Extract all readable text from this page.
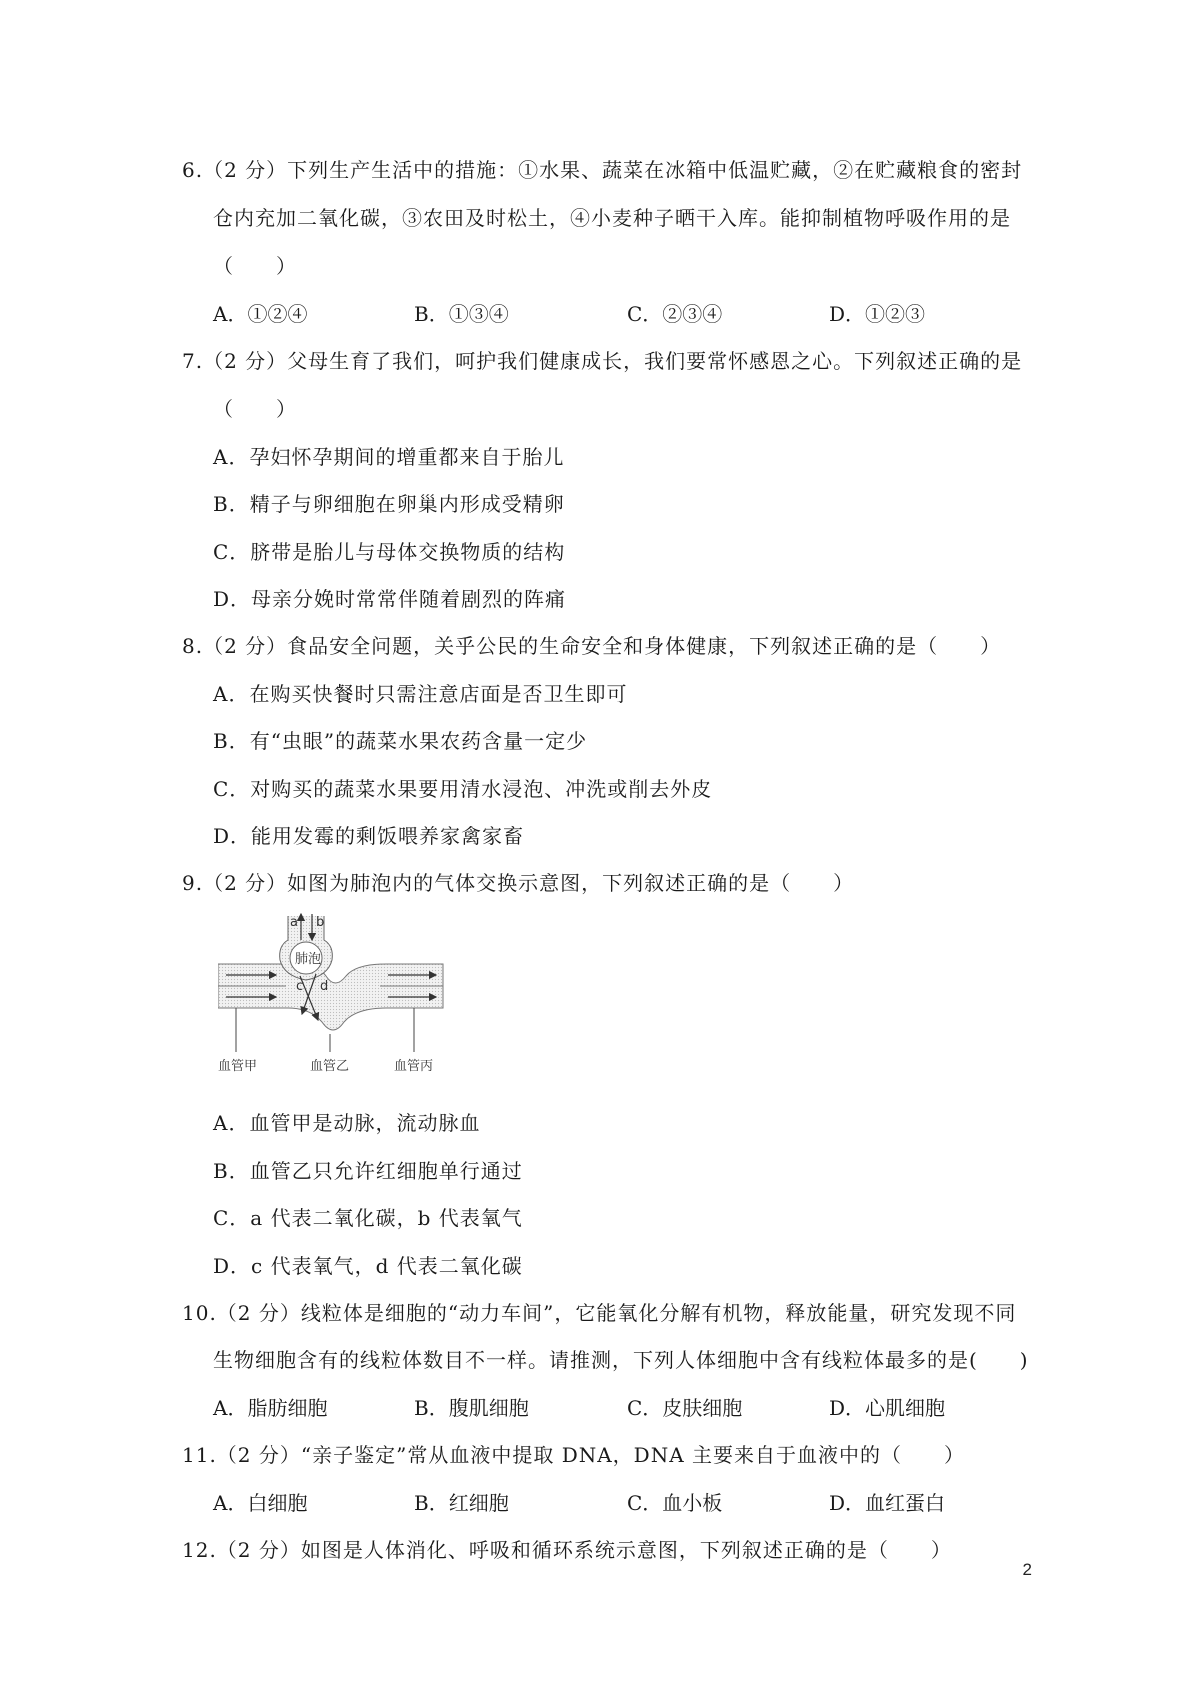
6.（2 分）下列生产生活中的措施：①水果、蔬菜在冰箱中低温贮藏，②在贮藏粮食的密封
仓内充加二氧化碳，③农田及时松土，④小麦种子晒干入库。能抑制植物呼吸作用的是
（　　）
A．①②④	B．①③④	C．②③④	D．①②③
7.（2 分）父母生育了我们，呵护我们健康成长，我们要常怀感恩之心。下列叙述正确的是
（　　）
A．孕妇怀孕期间的增重都来自于胎儿
B．精子与卵细胞在卵巢内形成受精卵
C．脐带是胎儿与母体交换物质的结构
D．母亲分娩时常常伴随着剧烈的阵痛
8.（2 分）食品安全问题，关乎公民的生命安全和身体健康，下列叙述正确的是（　　）
A．在购买快餐时只需注意店面是否卫生即可
B．有“虫眼”的蔬菜水果农药含量一定少
C．对购买的蔬菜水果要用清水浸泡、冲洗或削去外皮
D．能用发霉的剩饭喂养家禽家畜
9.（2 分）如图为肺泡内的气体交换示意图，下列叙述正确的是（　　）
肺泡
a b
c d
血管甲	血管乙	血管丙
A．血管甲是动脉，流动脉血
B．血管乙只允许红细胞单行通过
C．a 代表二氧化碳，b 代表氧气
D．c 代表氧气，d 代表二氧化碳
10.（2 分）线粒体是细胞的“动力车间”，它能氧化分解有机物，释放能量，研究发现不同
生物细胞含有的线粒体数目不一样。请推测，下列人体细胞中含有线粒体最多的是(　　)
A．脂肪细胞	B．腹肌细胞	C．皮肤细胞	D．心肌细胞
11.（2 分）“亲子鉴定”常从血液中提取 DNA，DNA 主要来自于血液中的（　　）
A．白细胞	B．红细胞	C．血小板	D．血红蛋白
12.（2 分）如图是人体消化、呼吸和循环系统示意图，下列叙述正确的是（　　）
2
